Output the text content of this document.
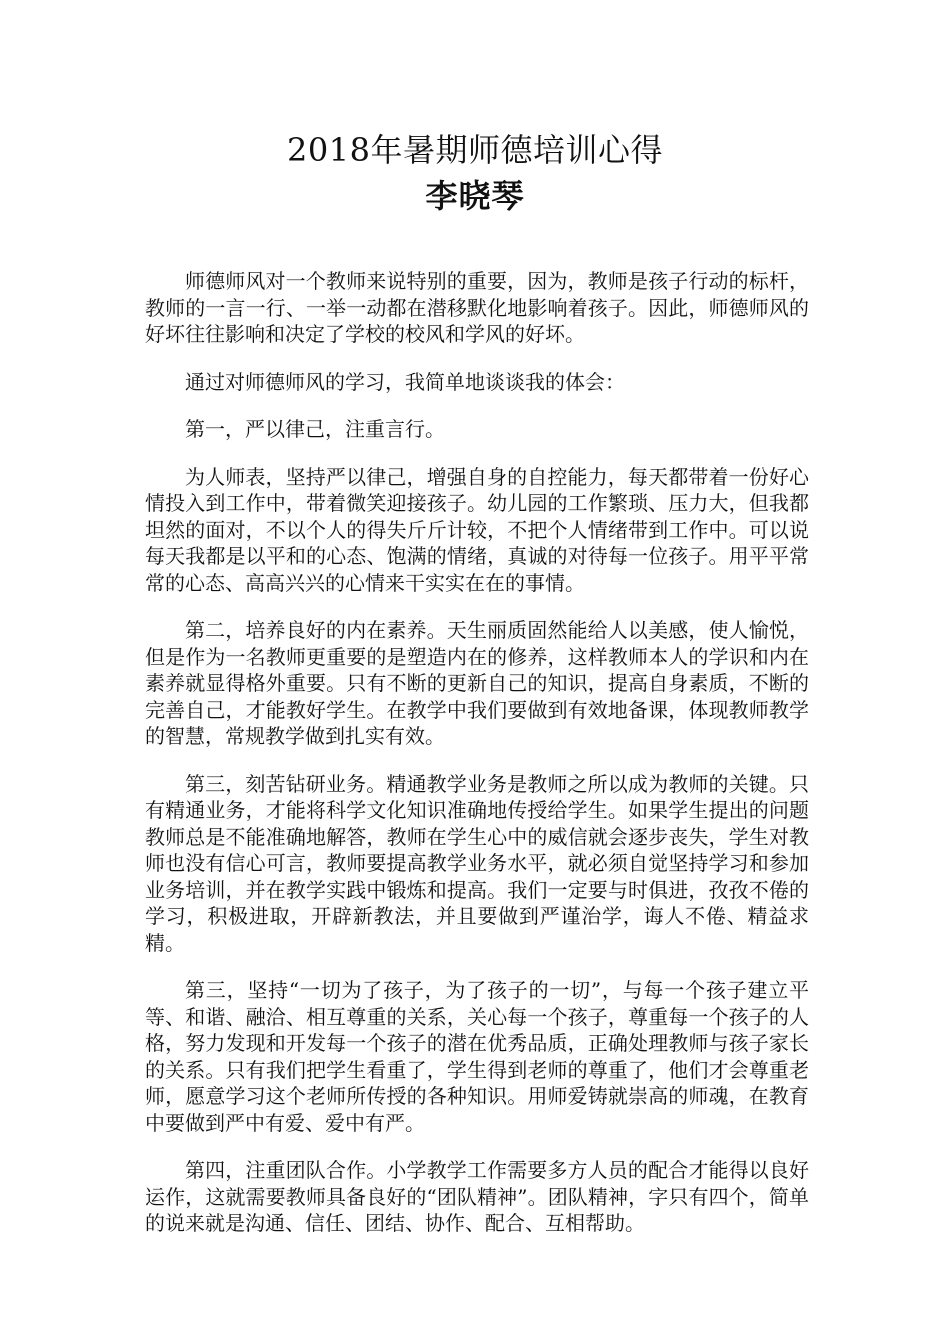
2018年暑期师德培训心得
李晓琴

师德师风对一个教师来说特别的重要，因为，教师是孩子行动的标杆，教师的一言一行、一举一动都在潜移默化地影响着孩子。因此，师德师风的好坏往往影响和决定了学校的校风和学风的好坏。

通过对师德师风的学习，我简单地谈谈我的体会：

第一，严以律己，注重言行。

为人师表，坚持严以律己，增强自身的自控能力，每天都带着一份好心情投入到工作中，带着微笑迎接孩子。幼儿园的工作繁琐、压力大，但我都坦然的面对，不以个人的得失斤斤计较，不把个人情绪带到工作中。可以说每天我都是以平和的心态、饱满的情绪，真诚的对待每一位孩子。用平平常常的心态、高高兴兴的心情来干实实在在的事情。

第二，培养良好的内在素养。天生丽质固然能给人以美感，使人愉悦，但是作为一名教师更重要的是塑造内在的修养，这样教师本人的学识和内在素养就显得格外重要。只有不断的更新自己的知识，提高自身素质，不断的完善自己，才能教好学生。在教学中我们要做到有效地备课，体现教师教学的智慧，常规教学做到扎实有效。

第三，刻苦钻研业务。精通教学业务是教师之所以成为教师的关键。只有精通业务，才能将科学文化知识准确地传授给学生。如果学生提出的问题教师总是不能准确地解答，教师在学生心中的威信就会逐步丧失，学生对教师也没有信心可言，教师要提高教学业务水平，就必须自觉坚持学习和参加业务培训，并在教学实践中锻炼和提高。我们一定要与时俱进，孜孜不倦的学习，积极进取，开辟新教法，并且要做到严谨治学，诲人不倦、精益求精。

第三，坚持“一切为了孩子，为了孩子的一切”，与每一个孩子建立平等、和谐、融洽、相互尊重的关系，关心每一个孩子，尊重每一个孩子的人格，努力发现和开发每一个孩子的潜在优秀品质，正确处理教师与孩子家长的关系。只有我们把学生看重了，学生得到老师的尊重了，他们才会尊重老师，愿意学习这个老师所传授的各种知识。用师爱铸就崇高的师魂，在教育中要做到严中有爱、爱中有严。

第四，注重团队合作。小学教学工作需要多方人员的配合才能得以良好运作，这就需要教师具备良好的“团队精神”。团队精神，字只有四个，简单的说来就是沟通、信任、团结、协作、配合、互相帮助。
